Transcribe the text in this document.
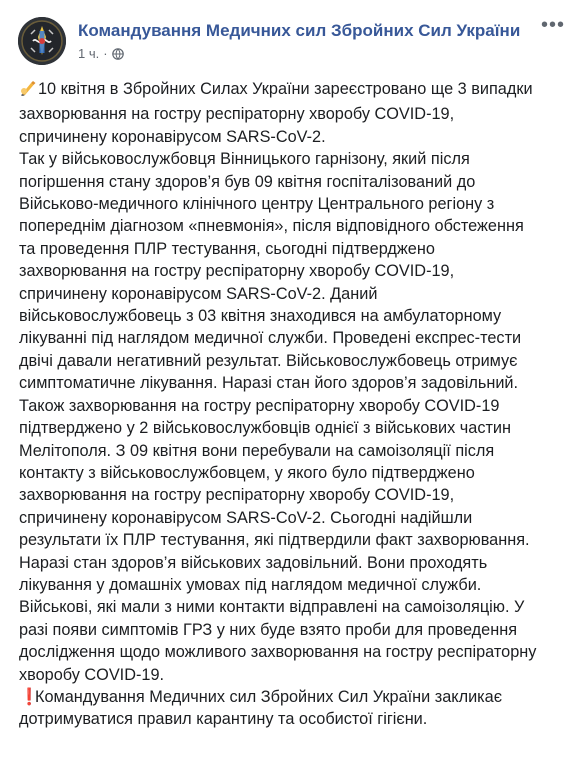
Командування Медичних сил Збройних Сил України
1 ч. ·
•••

10 квітня в Збройних Силах України зареєстровано ще 3 випадки

захворювання на гостру респіраторну хворобу COVID-19,

спричинену коронавірусом SARS-CoV-2.

Так у військовослужбовця Вінницького гарнізону, який після

погіршення стану здоров’я був 09 квітня госпіталізований до

Військово-медичного клінічного центру Центрального регіону з

попереднім діагнозом «пневмонія», після відповідного обстеження

та проведення ПЛР тестування, сьогодні підтверджено

захворювання на гостру респіраторну хворобу COVID-19,

спричинену коронавірусом SARS-CoV-2. Даний

військовослужбовець з 03 квітня знаходився на амбулаторному

лікуванні під наглядом медичної служби. Проведені експрес-тести

двічі давали негативний результат. Військовослужбовець отримує

симптоматичне лікування. Наразі стан його здоров’я задовільний.

Також захворювання на гостру респіраторну хворобу COVID-19

підтверджено у 2 військовослужбовців однієї з військових частин

Мелітополя. З 09 квітня вони перебували на самоізоляції після

контакту з військовослужбовцем, у якого було підтверджено

захворювання на гостру респіраторну хворобу COVID-19,

спричинену коронавірусом SARS-CoV-2. Сьогодні надійшли

результати їх ПЛР тестування, які підтвердили факт захворювання.

Наразі стан здоров’я військових задовільний. Вони проходять

лікування у домашніх умовах під наглядом медичної служби.

Військові, які мали з ними контакти відправлені на самоізоляцію. У

разі появи симптомів ГРЗ у них буде взято проби для проведення

дослідження щодо можливого захворювання на гостру респіраторну

хворобу COVID-19.

❗Командування Медичних сил Збройних Сил України закликає

дотримуватися правил карантину та особистої гігієни.
